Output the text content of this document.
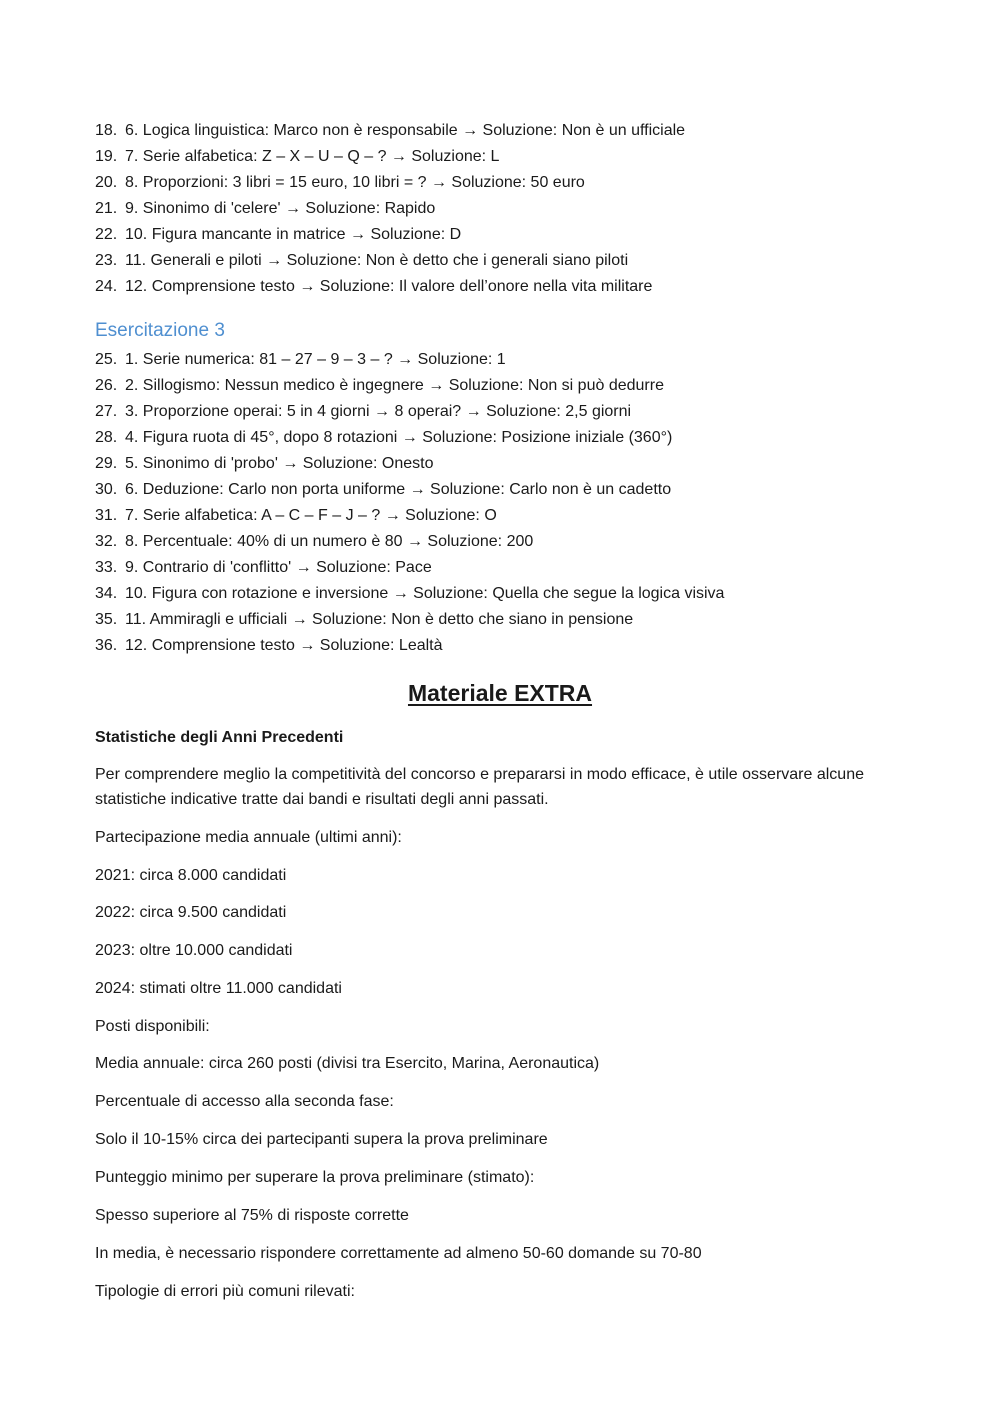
18. 6. Logica linguistica: Marco non è responsabile → Soluzione: Non è un ufficiale
19. 7. Serie alfabetica: Z – X – U – Q – ? → Soluzione: L
20. 8. Proporzioni: 3 libri = 15 euro, 10 libri = ? → Soluzione: 50 euro
21. 9. Sinonimo di 'celere' → Soluzione: Rapido
22. 10. Figura mancante in matrice → Soluzione: D
23. 11. Generali e piloti → Soluzione: Non è detto che i generali siano piloti
24. 12. Comprensione testo → Soluzione: Il valore dell’onore nella vita militare
Esercitazione 3
25. 1. Serie numerica: 81 – 27 – 9 – 3 – ? → Soluzione: 1
26. 2. Sillogismo: Nessun medico è ingegnere → Soluzione: Non si può dedurre
27. 3. Proporzione operai: 5 in 4 giorni → 8 operai? → Soluzione: 2,5 giorni
28. 4. Figura ruota di 45°, dopo 8 rotazioni → Soluzione: Posizione iniziale (360°)
29. 5. Sinonimo di 'probo' → Soluzione: Onesto
30. 6. Deduzione: Carlo non porta uniforme → Soluzione: Carlo non è un cadetto
31. 7. Serie alfabetica: A – C – F – J – ? → Soluzione: O
32. 8. Percentuale: 40% di un numero è 80 → Soluzione: 200
33. 9. Contrario di 'conflitto' → Soluzione: Pace
34. 10. Figura con rotazione e inversione → Soluzione: Quella che segue la logica visiva
35. 11. Ammiragli e ufficiali → Soluzione: Non è detto che siano in pensione
36. 12. Comprensione testo → Soluzione: Lealtà
Materiale EXTRA
Statistiche degli Anni Precedenti

Per comprendere meglio la competitività del concorso e prepararsi in modo efficace, è utile osservare alcune statistiche indicative tratte dai bandi e risultati degli anni passati.

Partecipazione media annuale (ultimi anni):

2021: circa 8.000 candidati

2022: circa 9.500 candidati

2023: oltre 10.000 candidati

2024: stimati oltre 11.000 candidati

Posti disponibili:

Media annuale: circa 260 posti (divisi tra Esercito, Marina, Aeronautica)

Percentuale di accesso alla seconda fase:

Solo il 10-15% circa dei partecipanti supera la prova preliminare

Punteggio minimo per superare la prova preliminare (stimato):

Spesso superiore al 75% di risposte corrette

In media, è necessario rispondere correttamente ad almeno 50-60 domande su 70-80

Tipologie di errori più comuni rilevati:
